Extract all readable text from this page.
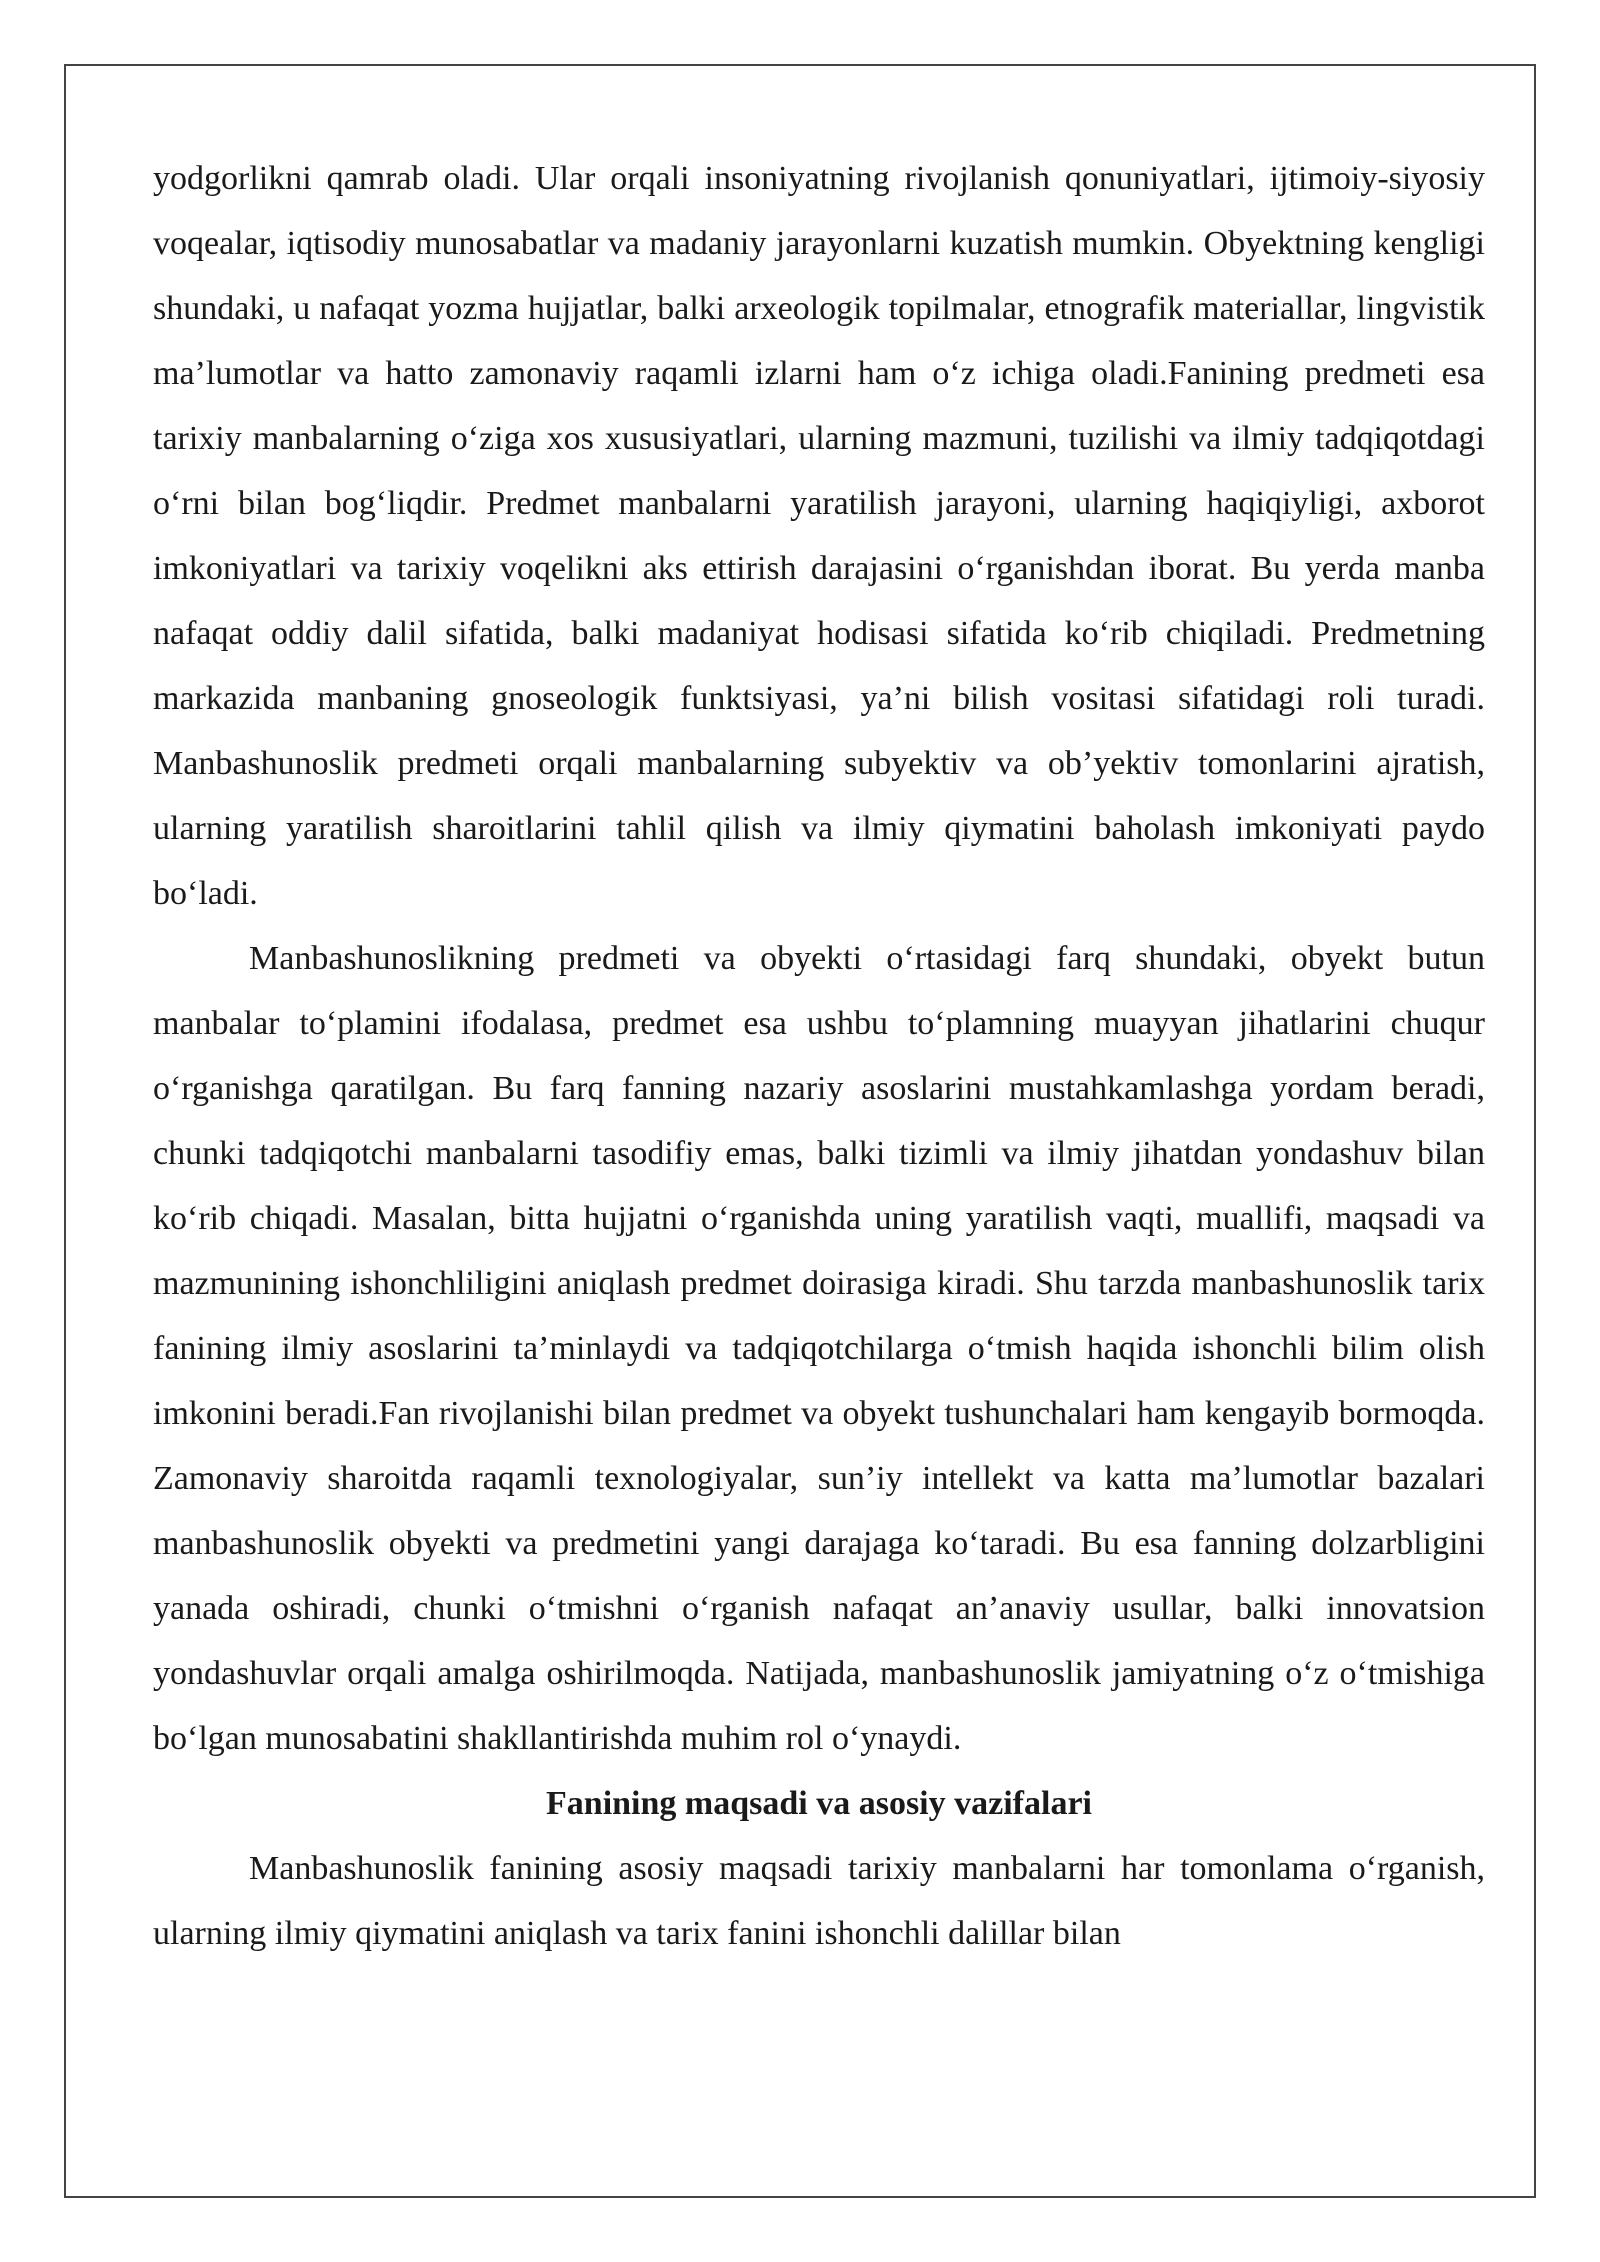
yodgorlikni qamrab oladi. Ular orqali insoniyatning rivojlanish qonuniyatlari, ijtimoiy-siyosiy voqealar, iqtisodiy munosabatlar va madaniy jarayonlarni kuzatish mumkin. Obyektning kengligi shundaki, u nafaqat yozma hujjatlar, balki arxeologik topilmalar, etnografik materiallar, lingvistik ma’lumotlar va hatto zamonaviy raqamli izlarni ham o‘z ichiga oladi.Fanining predmeti esa tarixiy manbalarning o‘ziga xos xususiyatlari, ularning mazmuni, tuzilishi va ilmiy tadqiqotdagi o‘rni bilan bog‘liqdir. Predmet manbalarni yaratilish jarayoni, ularning haqiqiyligi, axborot imkoniyatlari va tarixiy voqelikni aks ettirish darajasini o‘rganishdan iborat. Bu yerda manba nafaqat oddiy dalil sifatida, balki madaniyat hodisasi sifatida ko‘rib chiqiladi. Predmetning markazida manbaning gnoseologik funktsiyasi, ya’ni bilish vositasi sifatidagi roli turadi. Manbashunoslik predmeti orqali manbalarning subyektiv va ob’yektiv tomonlarini ajratish, ularning yaratilish sharoitlarini tahlil qilish va ilmiy qiymatini baholash imkoniyati paydo bo‘ladi.

Manbashunoslikning predmeti va obyekti o‘rtasidagi farq shundaki, obyekt butun manbalar to‘plamini ifodalasa, predmet esa ushbu to‘plamning muayyan jihatlarini chuqur o‘rganishga qaratilgan. Bu farq fanning nazariy asoslarini mustahkamlashga yordam beradi, chunki tadqiqotchi manbalarni tasodifiy emas, balki tizimli va ilmiy jihatdan yondashuv bilan ko‘rib chiqadi. Masalan, bitta hujjatni o‘rganishda uning yaratilish vaqti, muallifi, maqsadi va mazmunining ishonchliligini aniqlash predmet doirasiga kiradi. Shu tarzda manbashunoslik tarix fanining ilmiy asoslarini ta’minlaydi va tadqiqotchilarga o‘tmish haqida ishonchli bilim olish imkonini beradi.Fan rivojlanishi bilan predmet va obyekt tushunchalari ham kengayib bormoqda. Zamonaviy sharoitda raqamli texnologiyalar, sun’iy intellekt va katta ma’lumotlar bazalari manbashunoslik obyekti va predmetini yangi darajaga ko‘taradi. Bu esa fanning dolzarbligini yanada oshiradi, chunki o‘tmishni o‘rganish nafaqat an’anaviy usullar, balki innovatsion yondashuvlar orqali amalga oshirilmoqda. Natijada, manbashunoslik jamiyatning o‘z o‘tmishiga bo‘lgan munosabatini shakllantirishda muhim rol o‘ynaydi.

Fanining maqsadi va asosiy vazifalari

Manbashunoslik fanining asosiy maqsadi tarixiy manbalarni har tomonlama o‘rganish, ularning ilmiy qiymatini aniqlash va tarix fanini ishonchli dalillar bilan
